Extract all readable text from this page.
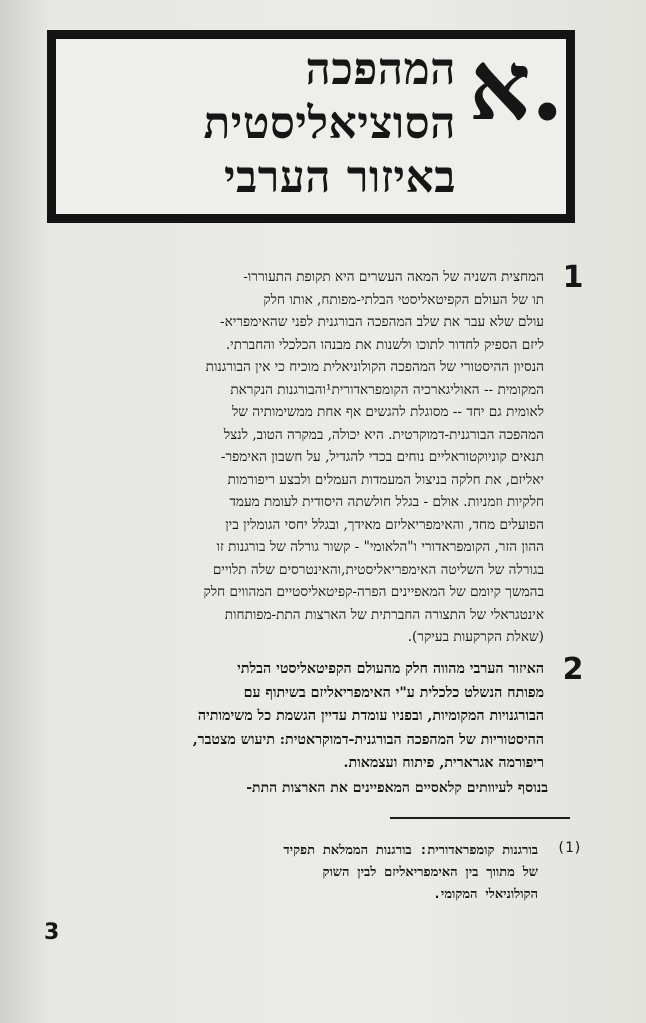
המהפכה
הסוציאליסטית
באיזור הערבי
א.
1
המחצית השניה של המאה העשרים היא תקופת התעוררו-
תו של העולם הקפיטאליסטי הבלתי-מפותח, אותו חלק
עולם שלא עבר את שלב המהפכה הבורגנית לפני שהאימפריא-
ליזם הספיק לחדור לתוכו ולשנות את מבנהו הכלכלי והחברתי.
הנסיון ההיסטורי של המהפכה הקולוניאלית מוכיח כי אין הבורגנות
המקומית -- האוליגארכיה הקומפראדורית¹והבורגנות הנקראת
לאומית גם יחד -- מסוגלת להגשים אף אחת ממשימותיה של
המהפכה הבורגנית-דמוקרטית. היא יכולה, במקרה הטוב, לנצל
תנאים קוניוקטוראליים נוחים בכדי להגדיל, על חשבון האימפר-
יאליזם, את חלקה בניצול המעמדות העמלים ולבצע ריפורמות
חלקיות וזמניות. אולם - בגלל חולשתה היסודית לעומת מעמד
הפועלים מחד, והאימפריאליזם מאידך, ובגלל יחסי הגומלין בין
ההון הזר, הקומפראדורי ו"הלאומי" - קשור גורלה של בורגנות זו
בגורלה של השליטה האימפריאליסטית,והאינטרסים שלה תלויים
בהמשך קיומם של המאפיינים הפרה-קפיטאליסטיים המהווים חלק
אינטגראלי של התצורה החברתית של הארצות התת-מפותחות
(שאלת הקרקעות בעיקר).
2
האיזור הערבי מהווה חלק מהעולם הקפיטאליסטי הבלתי
מפותח הנשלט כלכלית ע"י האימפריאליזם בשיתוף עם
הבורגנויות המקומיות, ובפניו עומדת עדיין הגשמת כל משימותיה
ההיסטוריות של המהפכה הבורגנית-דמוקראטית: תיעוש מצטבר,
ריפורמה אגרארית, פיתוח ועצמאות.
בנוסף לעיוותים קלאסיים המאפיינים את הארצות התת-
(1)
בורגנות קומפראדורית: בורגנות הממלאת תפקיד
של מתווך בין האימפריאליזם לבין השוק
הקולוניאלי המקומי.
3
